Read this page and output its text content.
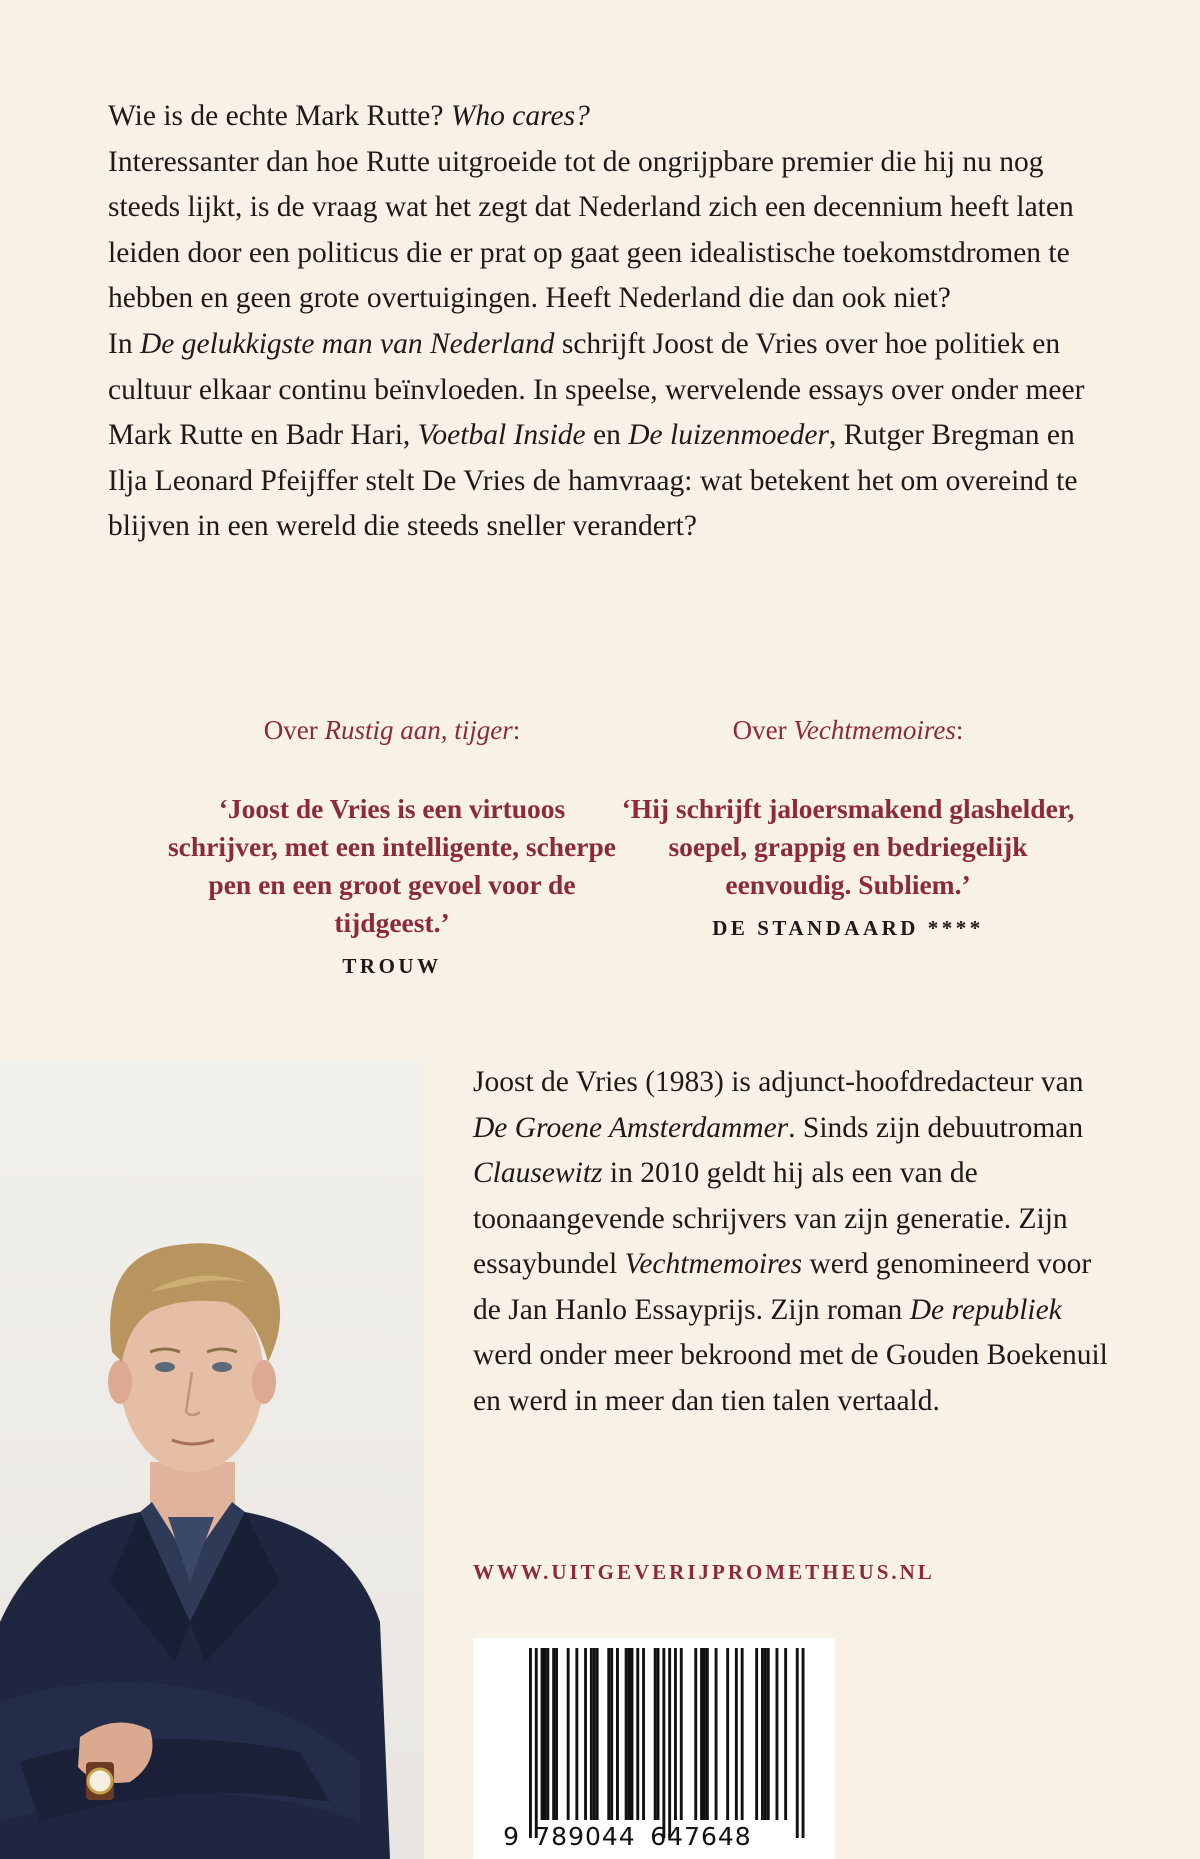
Wie is de echte Mark Rutte? Who cares?

Interessanter dan hoe Rutte uitgroeide tot de ongrijpbare premier die hij nu nog steeds lijkt, is de vraag wat het zegt dat Nederland zich een decennium heeft laten leiden door een politicus die er prat op gaat geen idealistische toekomstdromen te hebben en geen grote overtuigingen. Heeft Nederland die dan ook niet?

In De gelukkigste man van Nederland schrijft Joost de Vries over hoe politiek en cultuur elkaar continu beïnvloeden. In speelse, wervelende essays over onder meer Mark Rutte en Badr Hari, Voetbal Inside en De luizenmoeder, Rutger Bregman en Ilja Leonard Pfeijffer stelt De Vries de hamvraag: wat betekent het om overeind te blijven in een wereld die steeds sneller verandert?

Over Rustig aan, tijger:

‘Joost de Vries is een virtuoos schrijver, met een intelligente, scherpe pen en een groot gevoel voor de tijdgeest.’

TROUW

Over Vechtmemoires:

‘Hij schrijft jaloersmakend glashelder, soepel, grappig en bedriegelijk eenvoudig. Subliem.’

DE STANDAARD ****

Joost de Vries (1983) is adjunct-hoofdredacteur van De Groene Amsterdammer. Sinds zijn debuutroman Clausewitz in 2010 geldt hij als een van de toonaangevende schrijvers van zijn generatie. Zijn essaybundel Vechtmemoires werd genomineerd voor de Jan Hanlo Essayprijs. Zijn roman De republiek werd onder meer bekroond met de Gouden Boekenuil en werd in meer dan tien talen vertaald.

WWW.UITGEVERIJPROMETHEUS.NL
9 789044 647648
